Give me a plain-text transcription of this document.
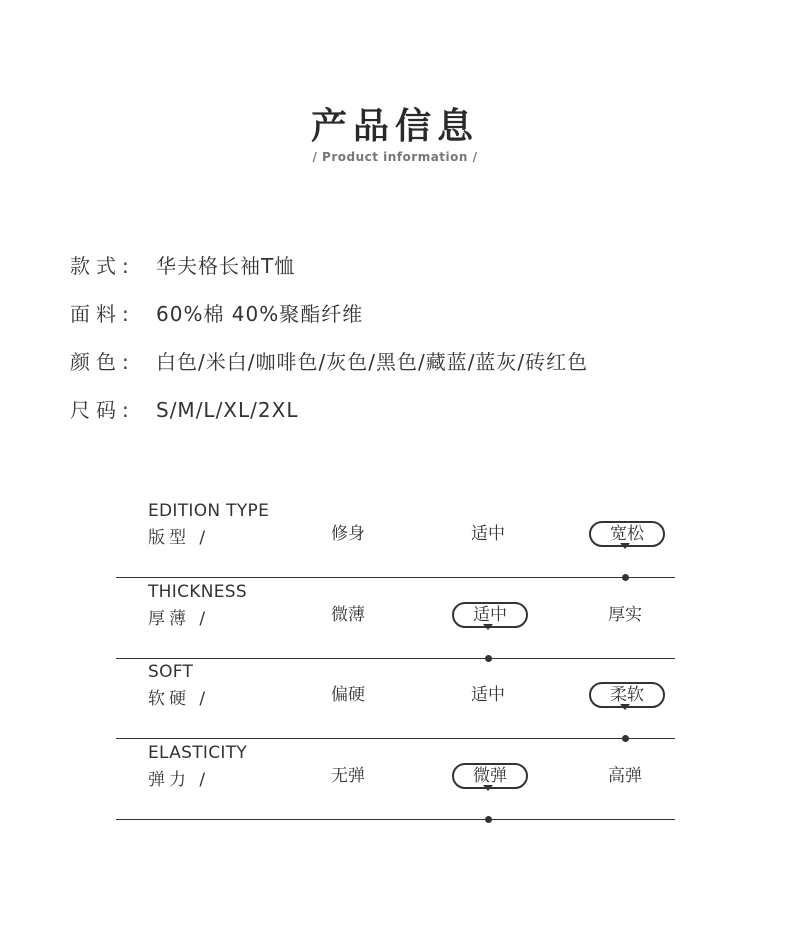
产品信息
/ Product information /
款式: 华夫格长袖T恤
面料: 60%棉 40%聚酯纤维
颜色: 白色/米白/咖啡色/灰色/黑色/藏蓝/蓝灰/砖红色
尺码: S/M/L/XL/2XL
EDITION TYPE
版型 /	修身	适中	宽松
THICKNESS
厚薄 /	微薄	适中	厚实
SOFT
软硬 /	偏硬	适中	柔软
ELASTICITY
弹力 /	无弹	微弹	高弹
